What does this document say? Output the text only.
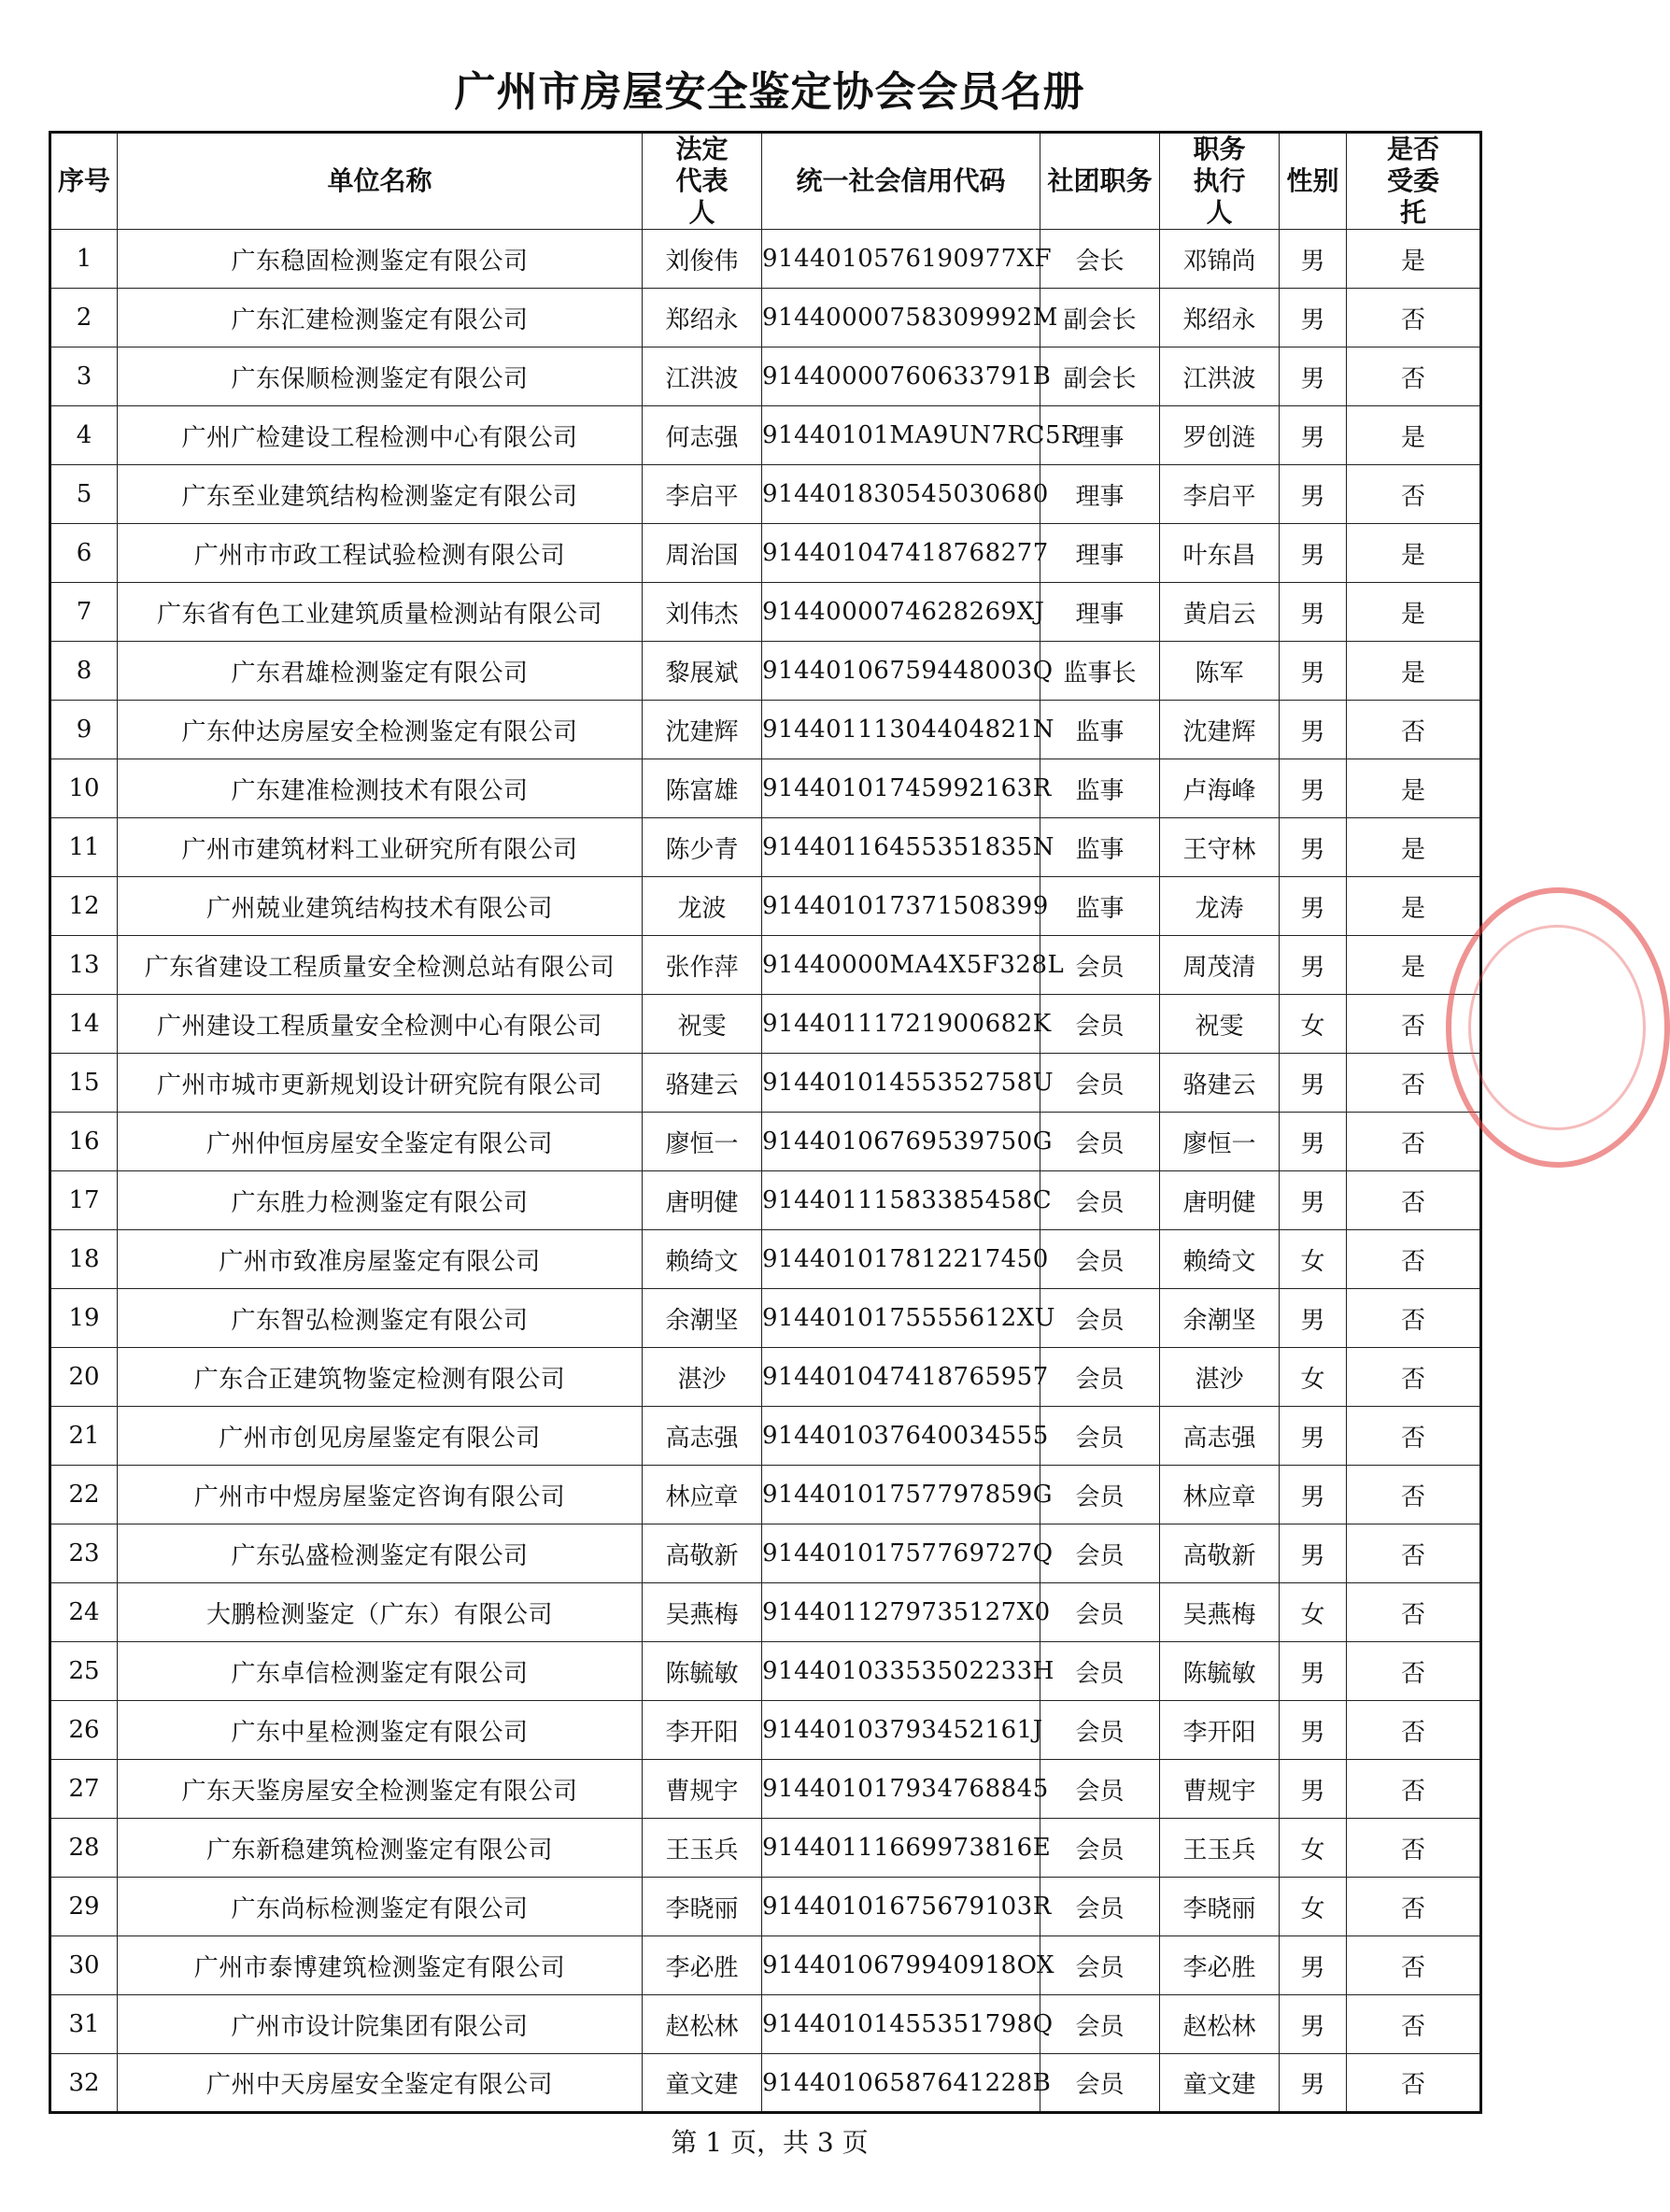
广州市房屋安全鉴定协会会员名册
序号	单位名称	法定代表人	统一社会信用代码	社团职务	职务执行人	性别	是否受委托
1	广东稳固检测鉴定有限公司	刘俊伟	9144010576190977XF	会长	邓锦尚	男	是
2	广东汇建检测鉴定有限公司	郑绍永	91440000758309992M	副会长	郑绍永	男	否
3	广东保顺检测鉴定有限公司	江洪波	91440000760633791B	副会长	江洪波	男	否
4	广州广检建设工程检测中心有限公司	何志强	91440101MA9UN7RC5R	理事	罗创涟	男	是
5	广东至业建筑结构检测鉴定有限公司	李启平	914401830545030680	理事	李启平	男	否
6	广州市市政工程试验检测有限公司	周治国	914401047418768277	理事	叶东昌	男	是
7	广东省有色工业建筑质量检测站有限公司	刘伟杰	9144000074628269XJ	理事	黄启云	男	是
8	广东君雄检测鉴定有限公司	黎展斌	91440106759448003Q	监事长	陈军	男	是
9	广东仲达房屋安全检测鉴定有限公司	沈建辉	91440111304404821N	监事	沈建辉	男	否
10	广东建准检测技术有限公司	陈富雄	91440101745992163R	监事	卢海峰	男	是
11	广州市建筑材料工业研究所有限公司	陈少青	91440116455351835N	监事	王守林	男	是
12	广州兢业建筑结构技术有限公司	龙波	914401017371508399	监事	龙涛	男	是
13	广东省建设工程质量安全检测总站有限公司	张作萍	91440000MA4X5F328L	会员	周茂清	男	是
14	广州建设工程质量安全检测中心有限公司	祝雯	91440111721900682K	会员	祝雯	女	否
15	广州市城市更新规划设计研究院有限公司	骆建云	91440101455352758U	会员	骆建云	男	否
16	广州仲恒房屋安全鉴定有限公司	廖恒一	91440106769539750G	会员	廖恒一	男	否
17	广东胜力检测鉴定有限公司	唐明健	91440111583385458C	会员	唐明健	男	否
18	广州市致准房屋鉴定有限公司	赖绮文	914401017812217450	会员	赖绮文	女	否
19	广东智弘检测鉴定有限公司	余潮坚	9144010175555612XU	会员	余潮坚	男	否
20	广东合正建筑物鉴定检测有限公司	湛沙	914401047418765957	会员	湛沙	女	否
21	广州市创见房屋鉴定有限公司	高志强	914401037640034555	会员	高志强	男	否
22	广州市中煜房屋鉴定咨询有限公司	林应章	91440101757797859G	会员	林应章	男	否
23	广东弘盛检测鉴定有限公司	高敬新	91440101757769727Q	会员	高敬新	男	否
24	大鹏检测鉴定（广东）有限公司	吴燕梅	9144011279735127X0	会员	吴燕梅	女	否
25	广东卓信检测鉴定有限公司	陈毓敏	91440103353502233H	会员	陈毓敏	男	否
26	广东中星检测鉴定有限公司	李开阳	91440103793452161J	会员	李开阳	男	否
27	广东天鉴房屋安全检测鉴定有限公司	曹规宇	914401017934768845	会员	曹规宇	男	否
28	广东新稳建筑检测鉴定有限公司	王玉兵	91440111669973816E	会员	王玉兵	女	否
29	广东尚标检测鉴定有限公司	李晓丽	91440101675679103R	会员	李晓丽	女	否
30	广州市泰博建筑检测鉴定有限公司	李必胜	9144010679940918OX	会员	李必胜	男	否
31	广州市设计院集团有限公司	赵松林	91440101455351798Q	会员	赵松林	男	否
32	广州中天房屋安全鉴定有限公司	童文建	91440106587641228B	会员	童文建	男	否
第 1 页，共 3 页
